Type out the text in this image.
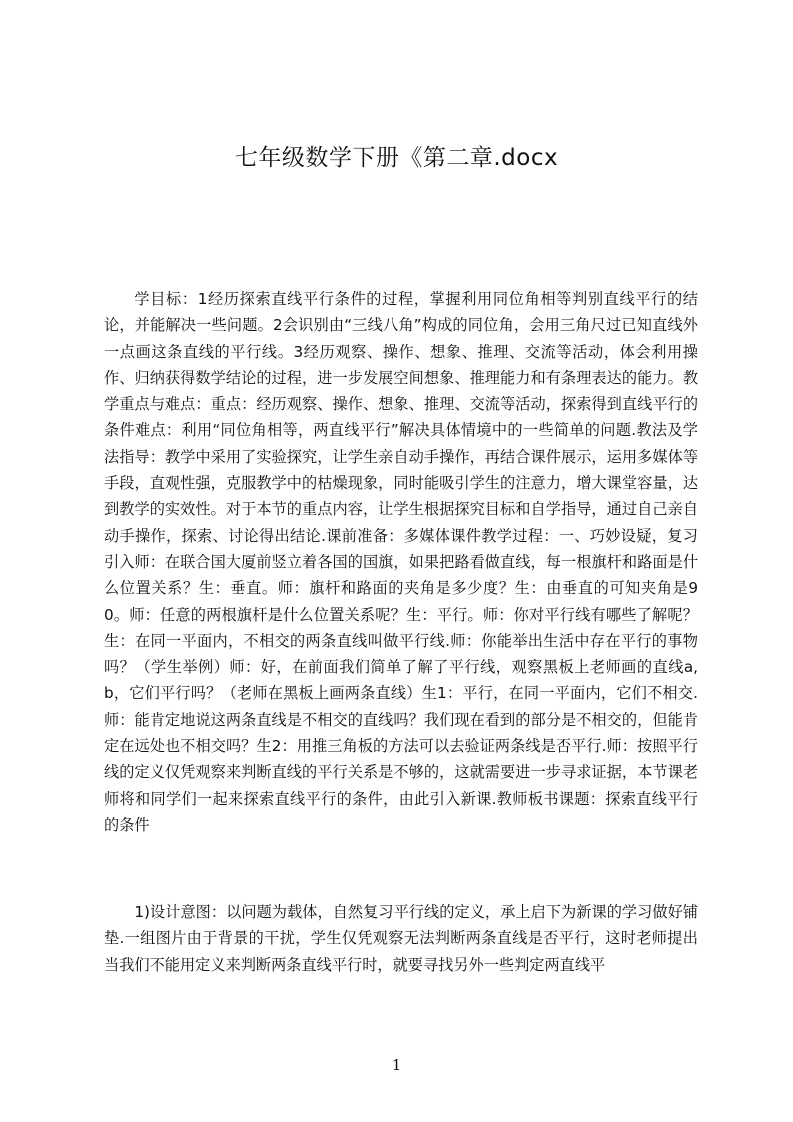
七年级数学下册《第二章.docx

学目标：1经历探索直线平行条件的过程，掌握利用同位角相等判别直线平行的结论，并能解决一些问题。2会识别由“三线八角”构成的同位角，会用三角尺过已知直线外一点画这条直线的平行线。3经历观察、操作、想象、推理、交流等活动，体会利用操作、归纳获得数学结论的过程，进一步发展空间想象、推理能力和有条理表达的能力。教学重点与难点：重点：经历观察、操作、想象、推理、交流等活动，探索得到直线平行的条件难点：利用“同位角相等，两直线平行”解决具体情境中的一些简单的问题.教法及学法指导：教学中采用了实验探究，让学生亲自动手操作，再结合课件展示，运用多媒体等手段，直观性强，克服教学中的枯燥现象，同时能吸引学生的注意力，增大课堂容量，达到教学的实效性。对于本节的重点内容，让学生根据探究目标和自学指导，通过自己亲自动手操作，探索、讨论得出结论.课前准备：多媒体课件教学过程：一、巧妙设疑，复习引入师：在联合国大厦前竖立着各国的国旗，如果把路看做直线，每一根旗杆和路面是什么位置关系？生：垂直。师：旗杆和路面的夹角是多少度？生：由垂直的可知夹角是90。师：任意的两根旗杆是什么位置关系呢？生：平行。师：你对平行线有哪些了解呢？生：在同一平面内，不相交的两条直线叫做平行线.师：你能举出生活中存在平行的事物吗？（学生举例）师：好，在前面我们简单了解了平行线，观察黑板上老师画的直线a,b，它们平行吗？（老师在黑板上画两条直线）生1：平行，在同一平面内，它们不相交.师：能肯定地说这两条直线是不相交的直线吗？我们现在看到的部分是不相交的，但能肯定在远处也不相交吗？生2：用推三角板的方法可以去验证两条线是否平行.师：按照平行线的定义仅凭观察来判断直线的平行关系是不够的，这就需要进一步寻求证据，本节课老师将和同学们一起来探索直线平行的条件，由此引入新课.教师板书课题：探索直线平行的条件

1)设计意图：以问题为载体，自然复习平行线的定义，承上启下为新课的学习做好铺垫.一组图片由于背景的干扰，学生仅凭观察无法判断两条直线是否平行，这时老师提出当我们不能用定义来判断两条直线平行时，就要寻找另外一些判定两直线平

1
